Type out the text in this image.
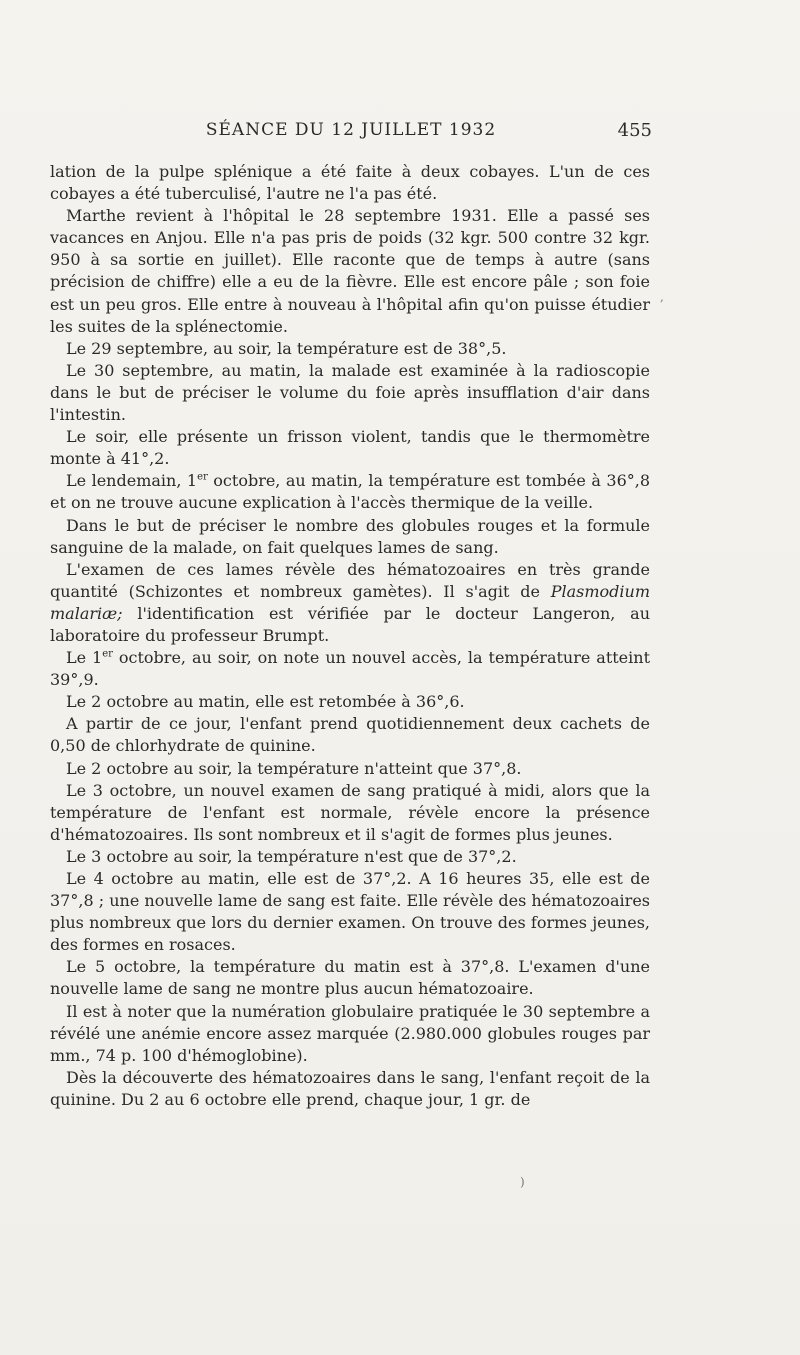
SÉANCE DU 12 JUILLET 1932	455

lation de la pulpe splénique a été faite à deux cobayes. L'un de ces cobayes a été tuberculisé, l'autre ne l'a pas été.

Marthe revient à l'hôpital le 28 septembre 1931. Elle a passé ses vacances en Anjou. Elle n'a pas pris de poids (32 kgr. 500 contre 32 kgr. 950 à sa sortie en juillet). Elle raconte que de temps à autre (sans précision de chiffre) elle a eu de la fièvre. Elle est encore pâle ; son foie est un peu gros. Elle entre à nouveau à l'hôpital afin qu'on puisse étudier les suites de la splénectomie.

Le 29 septembre, au soir, la température est de 38°,5.

Le 30 septembre, au matin, la malade est examinée à la radioscopie dans le but de préciser le volume du foie après insufflation d'air dans l'intestin.

Le soir, elle présente un frisson violent, tandis que le thermomètre monte à 41°,2.

Le lendemain, 1er octobre, au matin, la température est tombée à 36°,8 et on ne trouve aucune explication à l'accès thermique de la veille.

Dans le but de préciser le nombre des globules rouges et la formule sanguine de la malade, on fait quelques lames de sang.

L'examen de ces lames révèle des hématozoaires en très grande quantité (Schizontes et nombreux gamètes). Il s'agit de Plasmodium malariæ; l'identification est vérifiée par le docteur Langeron, au laboratoire du professeur Brumpt.

Le 1er octobre, au soir, on note un nouvel accès, la température atteint 39°,9.

Le 2 octobre au matin, elle est retombée à 36°,6.

A partir de ce jour, l'enfant prend quotidiennement deux cachets de 0,50 de chlorhydrate de quinine.

Le 2 octobre au soir, la température n'atteint que 37°,8.

Le 3 octobre, un nouvel examen de sang pratiqué à midi, alors que la température de l'enfant est normale, révèle encore la présence d'hématozoaires. Ils sont nombreux et il s'agit de formes plus jeunes.

Le 3 octobre au soir, la température n'est que de 37°,2.

Le 4 octobre au matin, elle est de 37°,2. A 16 heures 35, elle est de 37°,8 ; une nouvelle lame de sang est faite. Elle révèle des hématozoaires plus nombreux que lors du dernier examen. On trouve des formes jeunes, des formes en rosaces.

Le 5 octobre, la température du matin est à 37°,8. L'examen d'une nouvelle lame de sang ne montre plus aucun hématozoaire.

Il est à noter que la numération globulaire pratiquée le 30 septembre a révélé une anémie encore assez marquée (2.980.000 globules rouges par mm., 74 p. 100 d'hémoglobine).

Dès la découverte des hématozoaires dans le sang, l'enfant reçoit de la quinine. Du 2 au 6 octobre elle prend, chaque jour, 1 gr. de

,
)
